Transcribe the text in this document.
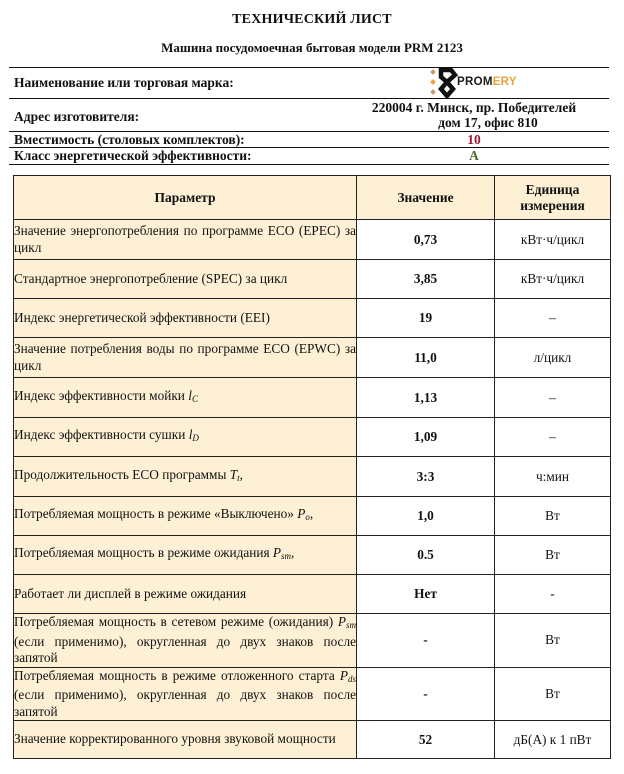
ТЕХНИЧЕСКИЙ ЛИСТ
Машина посудомоечная бытовая модели PRM 2123
Наименование или торговая марка:	PROMERY
Адрес изготовителя:
220004 г. Минск, пр. Победителей
дом 17, офис 810
Вместимость (столовых комплектов):	10
Класс энергетической эффективности:	A
Параметр	Значение	Единица
измерения

Значение энергопотребления по программе ECO (EPEC) за цикл	0,73	кВт·ч/цикл
Стандартное энергопотребление (SPEC) за цикл	3,85	кВт·ч/цикл
Индекс энергетической эффективности (EEI)	19	–
Значение потребления воды по программе ECO (EPWC) за цикл	11,0	л/цикл
Индекс эффективности мойки $l_C$	1,13	–
Индекс эффективности сушки $l_D$	1,09	–
Продолжительность ECO программы $T_t$,	3:3	ч:мин
Потребляемая мощность в режиме «Выключено» $P_o$,	1,0	Вт
Потребляемая мощность в режиме ожидания $P_{sm}$,	0.5	Вт
Работает ли дисплей в режиме ожидания	Нет	-
Потребляемая мощность в сетевом режиме (ожидания) $P_{sm}$ (если применимо), округленная до двух знаков после запятой	-	Вт
Потребляемая мощность в режиме отложенного старта $P_{ds}$ (если применимо), округленная до двух знаков после запятой	-	Вт
Значение корректированного уровня звуковой мощности	52	дБ(А) к 1 пВт
